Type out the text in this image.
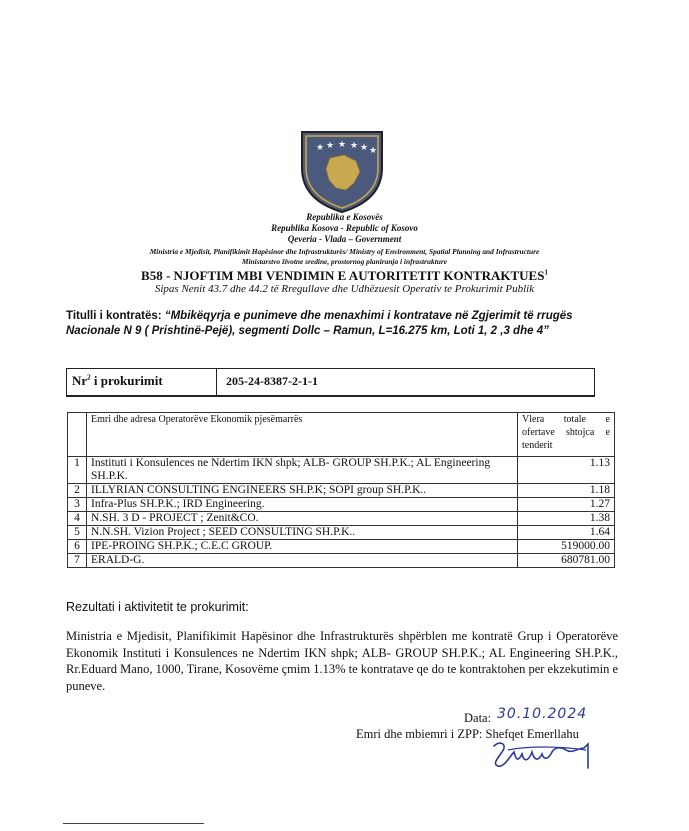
★ ★ ★ ★ ★ ★
Republika e Kosovës
Republika Kosova - Republic of Kosovo
Qeveria - Vlada – Government
Ministria e Mjedisit, Planifikimit Hapësinor dhe Infrastrukturës/ Ministry of Environment, Spatial Planning and Infrastructure
Ministarstvo životne sredine, prostornog planiranja i infrastrukture
B58 - NJOFTIM MBI VENDIMIN E AUTORITETIT KONTRAKTUES$^1$
Sipas Nenit 43.7 dhe 44.2 të Rregullave dhe Udhëzuesit Operativ te Prokurimit Publik
Titulli i kontratës: “Mbikëqyrja e punimeve dhe menaxhimi i kontratave në Zgjerimit të rrugës Nacionale N 9 ( Prishtinë-Pejë), segmenti Dollc – Ramun, L=16.275 km, Loti 1, 2 ,3 dhe 4”
Nr$^2$ i prokurimit	205-24-8387-2-1-1
	Emri dhe adresa Operatorëve Ekonomik pjesëmarrës	Vlera totale e ofertave shtojca e tenderit
1	Instituti i Konsulences ne Ndertim IKN shpk; ALB- GROUP SH.P.K.; AL Engineering SH.P.K.	1.13
2	ILLYRIAN CONSULTING ENGINEERS SH.P.K; SOPI group SH.P.K..	1.18
3	Infra-Plus SH.P.K.; IRD Engineering.	1.27
4	N.SH. 3 D - PROJECT ; Zenit&CO.	1.38
5	N.N.SH. Vizion Project ; SEED CONSULTING SH.P.K..	1.64
6	IPE-PROING SH.P.K.; C.E.C GROUP.	519000.00
7	ERALD-G.	680781.00
Rezultati i aktivitetit te prokurimit:
Ministria e Mjedisit, Planifikimit Hapësinor dhe Infrastrukturës shpërblen me kontratë Grup i Operatorëve Ekonomik Instituti i Konsulences ne Ndertim IKN shpk; ALB- GROUP SH.P.K.; AL Engineering SH.P.K., Rr.Eduard Mano, 1000, Tirane, Kosovëme çmim 1.13% te kontratave qe do te kontraktohen per ekzekutimin e puneve.
Data: 30.10.2024
Emri dhe mbiemri i ZPP: Shefqet Emerllahu
